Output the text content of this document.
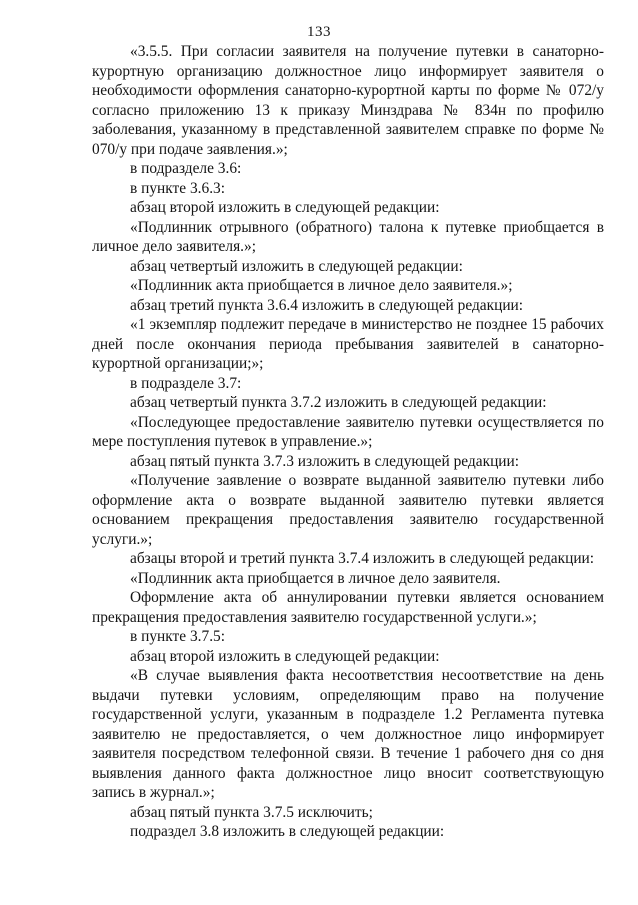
133

«3.5.5. При согласии заявителя на получение путевки в санаторно-курортную организацию должностное лицо информирует заявителя о необходимости оформления санаторно-курортной карты по форме № 072/у согласно приложению 13 к приказу Минздрава № 834н по профилю заболевания, указанному в представленной заявителем справке по форме № 070/у при подаче заявления.»;

в подразделе 3.6:

в пункте 3.6.3:

абзац второй изложить в следующей редакции:

«Подлинник отрывного (обратного) талона к путевке приобщается в личное дело заявителя.»;

абзац четвертый изложить в следующей редакции:

«Подлинник акта приобщается в личное дело заявителя.»;

абзац третий пункта 3.6.4 изложить в следующей редакции:

«1 экземпляр подлежит передаче в министерство не позднее 15 рабочих дней после окончания периода пребывания заявителей в санаторно-курортной организации;»;

в подразделе 3.7:

абзац четвертый пункта 3.7.2 изложить в следующей редакции:

«Последующее предоставление заявителю путевки осуществляется по мере поступления путевок в управление.»;

абзац пятый пункта 3.7.3 изложить в следующей редакции:

«Получение заявление о возврате выданной заявителю путевки либо оформление акта о возврате выданной заявителю путевки является основанием прекращения предоставления заявителю государственной услуги.»;

абзацы второй и третий пункта 3.7.4 изложить в следующей редакции:

«Подлинник акта приобщается в личное дело заявителя.

Оформление акта об аннулировании путевки является основанием прекращения предоставления заявителю государственной услуги.»;

в пункте 3.7.5:

абзац второй изложить в следующей редакции:

«В случае выявления факта несоответствия несоответствие на день выдачи путевки условиям, определяющим право на получение государственной услуги, указанным в подразделе 1.2 Регламента путевка заявителю не предоставляется, о чем должностное лицо информирует заявителя посредством телефонной связи. В течение 1 рабочего дня со дня выявления данного факта должностное лицо вносит соответствующую запись в журнал.»;

абзац пятый пункта 3.7.5 исключить;

подраздел 3.8 изложить в следующей редакции:
